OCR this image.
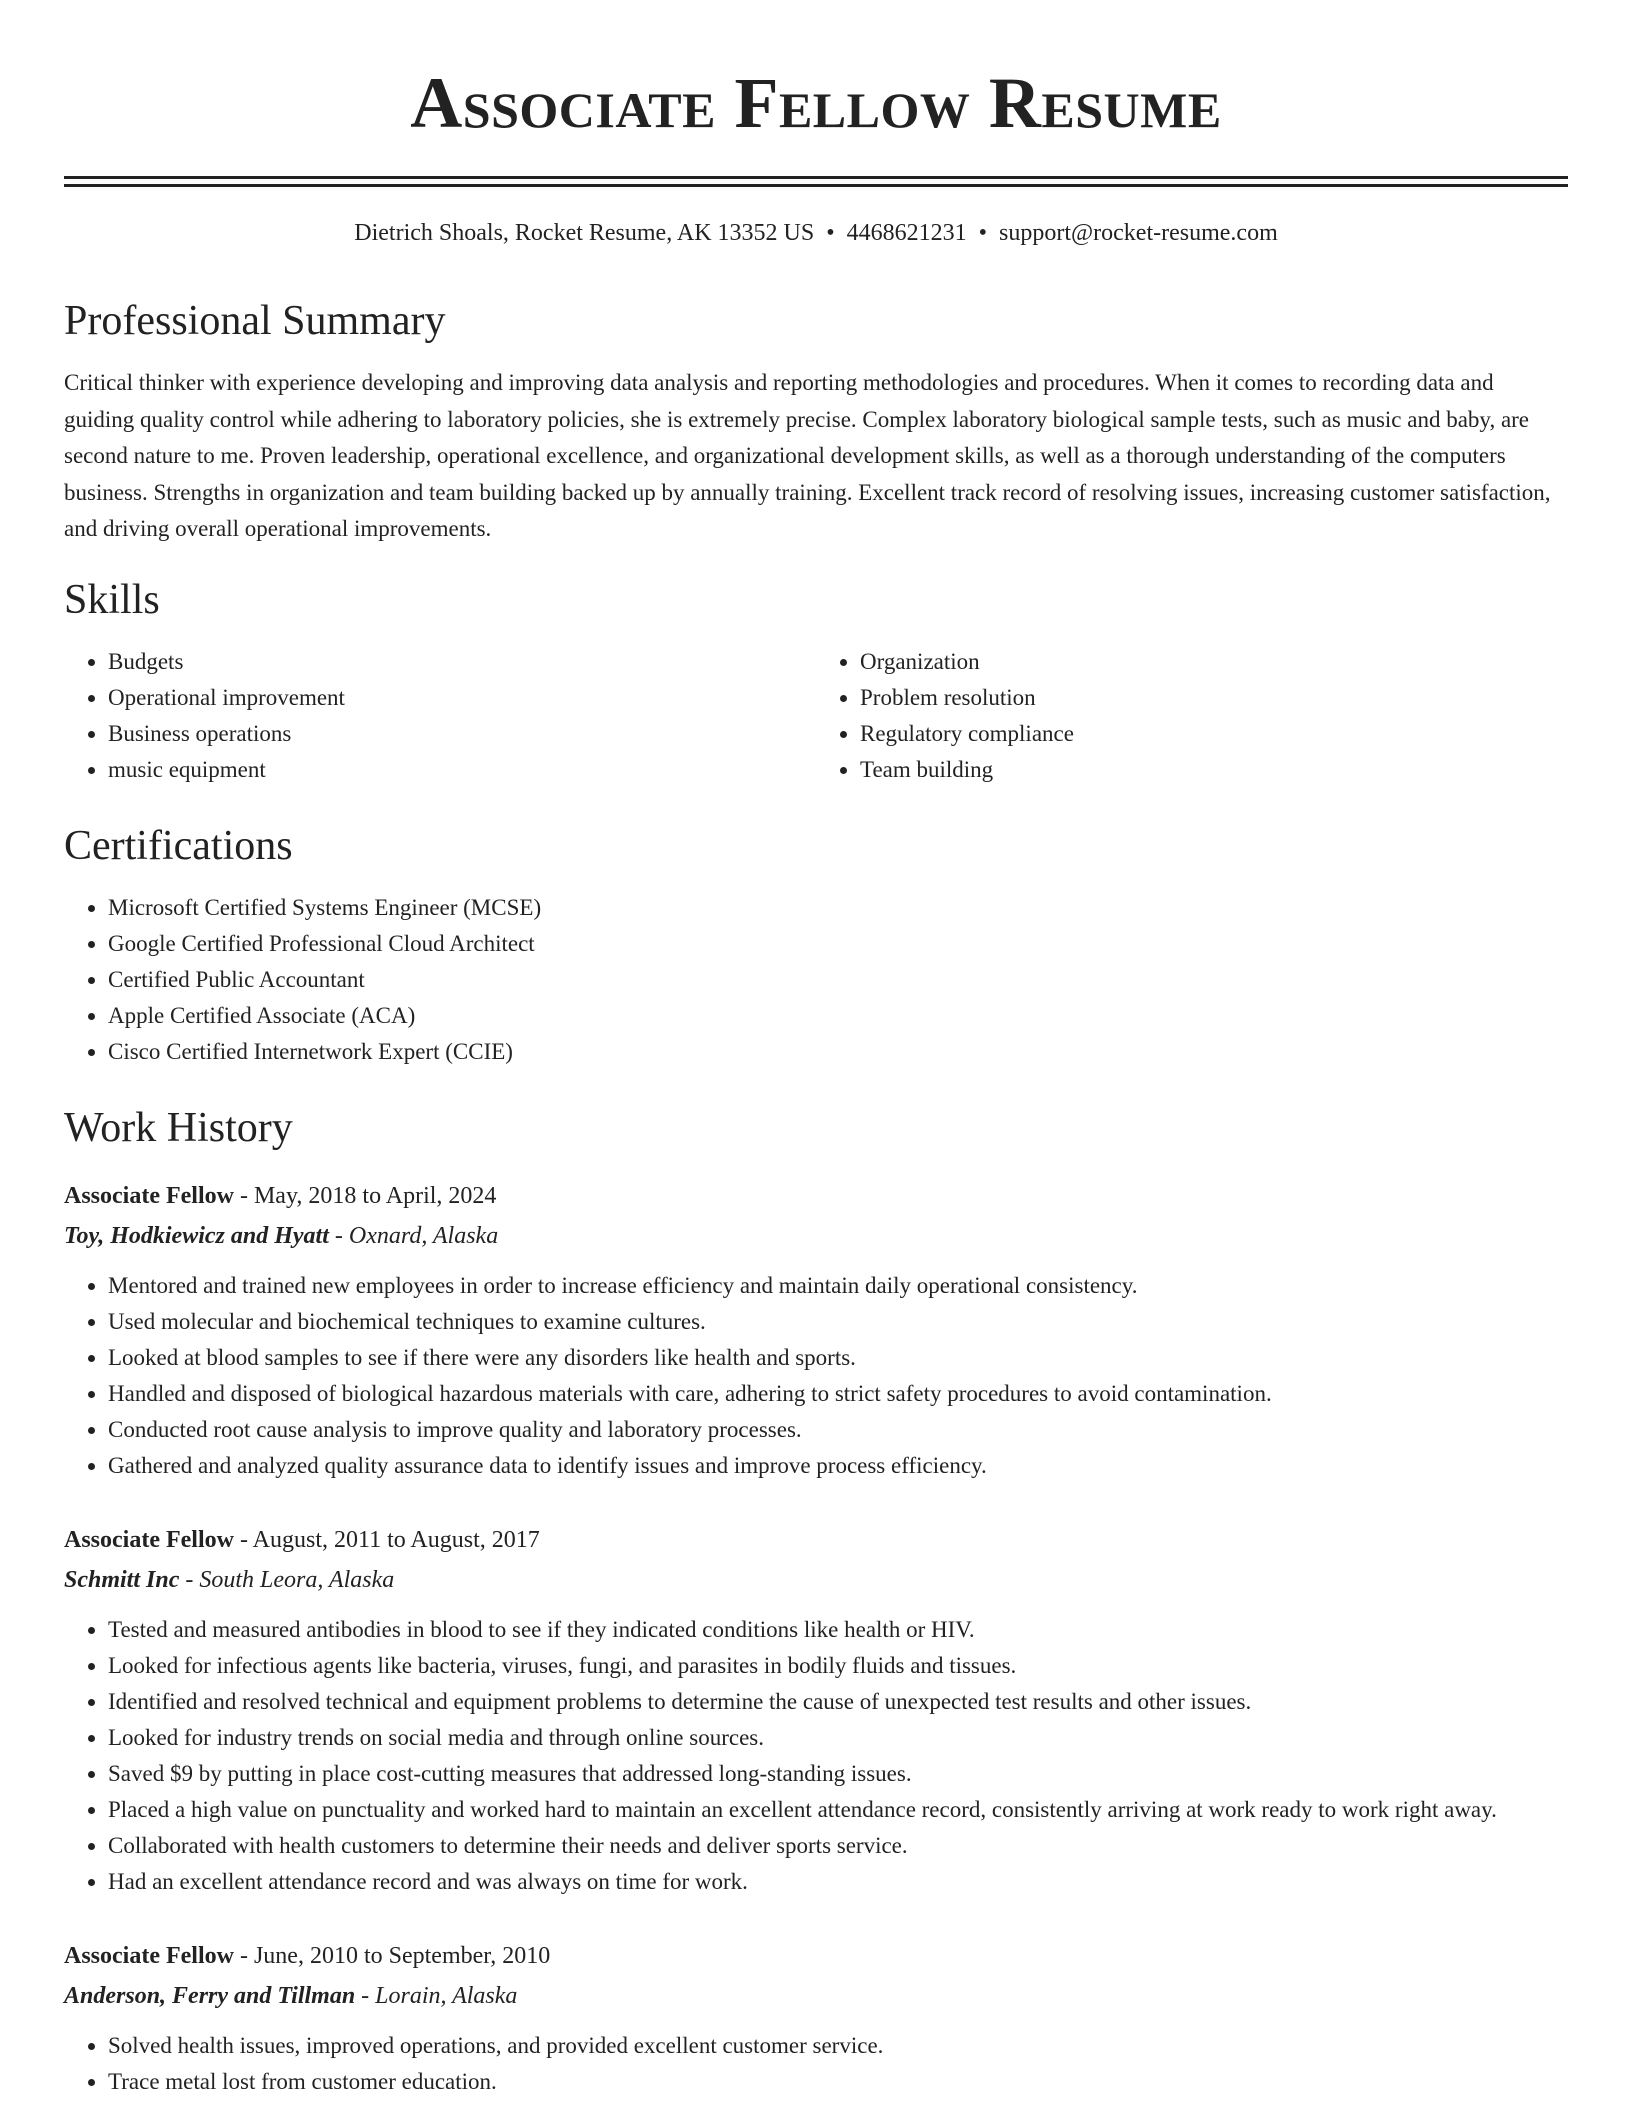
Associate Fellow Resume
Dietrich Shoals, Rocket Resume, AK 13352 US • 4468621231 • support@rocket-resume.com
Professional Summary
Critical thinker with experience developing and improving data analysis and reporting methodologies and procedures. When it comes to recording data and guiding quality control while adhering to laboratory policies, she is extremely precise. Complex laboratory biological sample tests, such as music and baby, are second nature to me. Proven leadership, operational excellence, and organizational development skills, as well as a thorough understanding of the computers business. Strengths in organization and team building backed up by annually training. Excellent track record of resolving issues, increasing customer satisfaction, and driving overall operational improvements.
Skills
• Budgets
• Operational improvement
• Business operations
• music equipment
• Organization
• Problem resolution
• Regulatory compliance
• Team building
Certifications
• Microsoft Certified Systems Engineer (MCSE)
• Google Certified Professional Cloud Architect
• Certified Public Accountant
• Apple Certified Associate (ACA)
• Cisco Certified Internetwork Expert (CCIE)
Work History
Associate Fellow - May, 2018 to April, 2024
Toy, Hodkiewicz and Hyatt - Oxnard, Alaska
• Mentored and trained new employees in order to increase efficiency and maintain daily operational consistency.
• Used molecular and biochemical techniques to examine cultures.
• Looked at blood samples to see if there were any disorders like health and sports.
• Handled and disposed of biological hazardous materials with care, adhering to strict safety procedures to avoid contamination.
• Conducted root cause analysis to improve quality and laboratory processes.
• Gathered and analyzed quality assurance data to identify issues and improve process efficiency.
Associate Fellow - August, 2011 to August, 2017
Schmitt Inc - South Leora, Alaska
• Tested and measured antibodies in blood to see if they indicated conditions like health or HIV.
• Looked for infectious agents like bacteria, viruses, fungi, and parasites in bodily fluids and tissues.
• Identified and resolved technical and equipment problems to determine the cause of unexpected test results and other issues.
• Looked for industry trends on social media and through online sources.
• Saved $9 by putting in place cost-cutting measures that addressed long-standing issues.
• Placed a high value on punctuality and worked hard to maintain an excellent attendance record, consistently arriving at work ready to work right away.
• Collaborated with health customers to determine their needs and deliver sports service.
• Had an excellent attendance record and was always on time for work.
Associate Fellow - June, 2010 to September, 2010
Anderson, Ferry and Tillman - Lorain, Alaska
• Solved health issues, improved operations, and provided excellent customer service.
• Trace metal lost from customer education.
